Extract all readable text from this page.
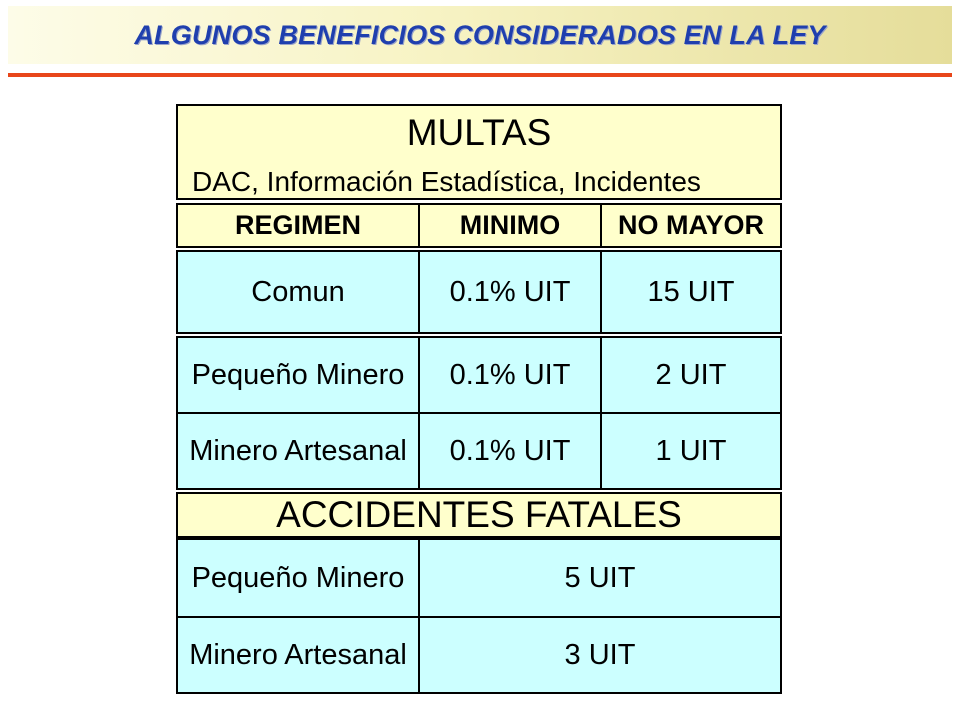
ALGUNOS BENEFICIOS CONSIDERADOS EN LA LEY
MULTAS
DAC, Información Estadística, Incidentes
REGIMEN	MINIMO	NO MAYOR
Comun	0.1% UIT	15 UIT
Pequeño Minero	0.1% UIT	2 UIT
Minero Artesanal	0.1% UIT	1 UIT
ACCIDENTES FATALES
Pequeño Minero	5 UIT
Minero Artesanal	3 UIT
